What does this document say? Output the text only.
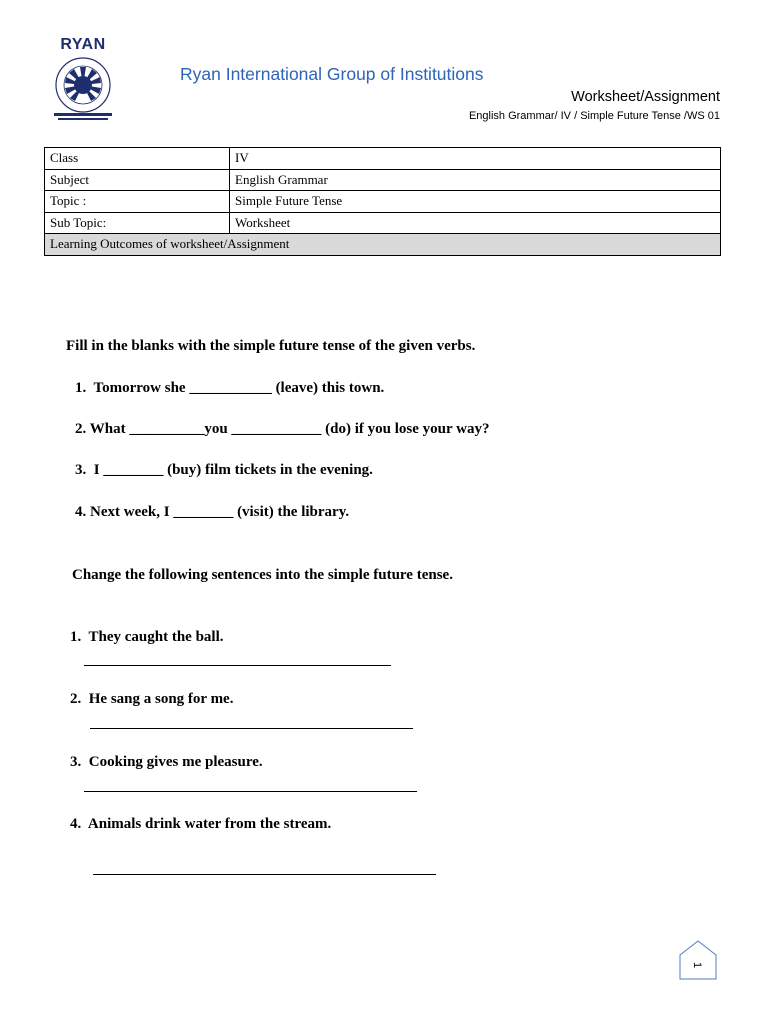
RYAN
Ryan International Group of Institutions
Worksheet/Assignment
English Grammar/ IV / Simple Future Tense /WS 01
Class	IV
Subject	English Grammar
Topic :	Simple Future Tense
Sub Topic:	Worksheet
Learning Outcomes of worksheet/Assignment	
Fill in the blanks with the simple future tense of the given verbs.
1.  Tomorrow she ___________ (leave) this town.
2. What __________you ____________ (do) if you lose your way?
3.  I ________ (buy) film tickets in the evening.
4. Next week, I ________ (visit) the library.
Change the following sentences into the simple future tense.
1.  They caught the ball.
2.  He sang a song for me.
3.  Cooking gives me pleasure.
4.  Animals drink water from the stream.
1
